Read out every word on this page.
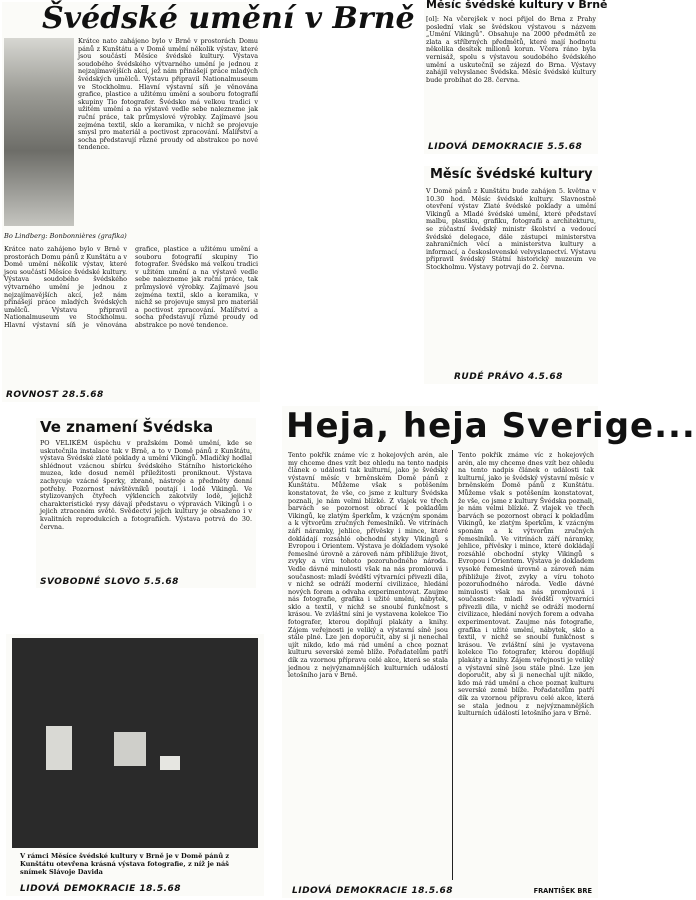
Švédské umění v Brně
Krátce nato zahájeno bylo v Brně v prostorách Domu pánů z Kunštátu a v Domě umění několik výstav, které jsou součástí Měsíce švédské kultury. Výstava soudobého švédského výtvarného umění je jednou z nejzajímavějších akcí, jež nám přinášejí práce mladých švédských umělců. Výstavu připravil Nationalmuseum ve Stockholmu. Hlavní výstavní síň je věnována grafice, plastice a užitému umění a souboru fotografií skupiny Tio fotografer. Švédsko má velkou tradici v užitém umění a na výstavě vedle sebe nalezneme jak ruční práce, tak průmyslové výrobky. Zajímavé jsou zejména textil, sklo a keramika, v nichž se projevuje smysl pro materiál a poctivost zpracování. Malířství a socha představují různé proudy od abstrakce po nové tendence.
Bo Lindberg: Bonbonnières (grafika)
Krátce nato zahájeno bylo v Brně v prostorách Domu pánů z Kunštátu a v Domě umění několik výstav, které jsou součástí Měsíce švédské kultury. Výstava soudobého švédského výtvarného umění je jednou z nejzajímavějších akcí, jež nám přinášejí práce mladých švédských umělců. Výstavu připravil Nationalmuseum ve Stockholmu. Hlavní výstavní síň je věnována grafice, plastice a užitému umění a souboru fotografií skupiny Tio fotografer. Švédsko má velkou tradici v užitém umění a na výstavě vedle sebe nalezneme jak ruční práce, tak průmyslové výrobky. Zajímavé jsou zejména textil, sklo a keramika, v nichž se projevuje smysl pro materiál a poctivost zpracování. Malířství a socha představují různé proudy od abstrakce po nové tendence.
ROVNOST 28.5.68
Ve znamení Švédska
PO VELIKÉM úspěchu v pražském Domě umění, kde se uskutečnila instalace tak v Brně, a to v Domě pánů z Kunštátu, výstava Švédské zlaté poklady a umění Vikingů. Mladičký hodlal shlédnout vzácnou sbírku švédského Státního historického muzea, kde dosud neměl příležitosti proniknout. Výstava zachycuje vzácné šperky, zbraně, nástroje a předměty denní potřeby. Pozornost návštěvníků poutají i lodě Vikingů. Ve stylizovaných čtyřech výklencích zakotvily lodě, jejichž charakteristické rysy dávají představu o výpravách Vikingů i o jejich ztraceném světě. Svědectví jejich kultury je obsaženo i v kvalitních reprodukcích a fotografiích. Výstava potrvá do 30. června.
SVOBODNÉ SLOVO 5.5.68
V rámci Měsíce švédské kultury v Brně je v Domě pánů z Kunštátu otevřena krásná výstava fotografie, z níž je náš snímek Slávoje Davida
LIDOVÁ DEMOKRACIE 18.5.68
Měsíc švédské kultury v Brně
[ol]: Na včerejšek v noci přijel do Brna z Prahy poslední vlak se švédskou výstavou s názvem „Umění Vikingů“. Obsahuje na 2000 předmětů ze zlata a stříbrných předmětů, které mají hodnotu několika desítek milionů korun. Včera ráno byla vernisáž, spolu s výstavou soudobého švédského umění a uskutečnil se zájezd do Brna. Výstavy zahájil velvyslanec Švédska. Měsíc švédské kultury bude probíhat do 28. června.
LIDOVÁ DEMOKRACIE 5.5.68
Měsíc švédské kultury
V Domě pánů z Kunštátu bude zahájen 5. května v 10.30 hod. Měsíc švédské kultury. Slavnostně otevření výstav Zlaté švédské poklady a umění Vikingů a Mladé švédské umění, které představí malbu, plastiku, grafiku, fotografii a architekturu, se zúčastní švédský ministr školství a vedoucí švédské delegace, dále zástupci ministerstva zahraničních věcí a ministerstva kultury a informací, a československé velvyslanectví. Výstavu připravil švédský Státní historický muzeum ve Stockholmu. Výstavy potrvají do 2. června.
RUDÉ PRÁVO 4.5.68
Heja, heja Sverige...
Tento pokřik známe víc z hokejových arén, ale my chceme dnes vzít bez ohledu na tento nadpis článek o události tak kulturní, jako je švédský výstavní měsíc v brněnském Domě pánů z Kunštátu. Můžeme však s potěšením konstatovat, že vše, co jsme z kultury Švédska poznali, je nám velmi blízké. Z vlajek ve třech barvách se pozornost obrací k pokladům Vikingů, ke zlatým šperkům, k vzácným sponám a k výtvorům zručných řemeslníků. Ve vitrínách září náramky, jehlice, přívěsky i mince, které dokládají rozsáhlé obchodní styky Vikingů s Evropou i Orientem. Výstava je dokladem vysoké řemeslné úrovně a zároveň nám přibližuje život, zvyky a víru tohoto pozoruhodného národa. Vedle dávné minulosti však na nás promlouvá i současnost: mladí švédští výtvarníci přivezli díla, v nichž se odráží moderní civilizace, hledání nových forem a odvaha experimentovat. Zaujme nás fotografie, grafika i užité umění, nábytek, sklo a textil, v nichž se snoubí funkčnost s krásou. Ve zvláštní síni je vystavena kolekce Tio fotografer, kterou doplňují plakáty a knihy. Zájem veřejnosti je veliký a výstavní síně jsou stále plné. Lze jen doporučit, aby si ji nenechal ujít nikdo, kdo má rád umění a chce poznat kulturu severské země blíže. Pořadatelům patří dík za vzornou přípravu celé akce, která se stala jednou z nejvýznamnějších kulturních událostí letošního jara v Brně.
Tento pokřik známe víc z hokejových arén, ale my chceme dnes vzít bez ohledu na tento nadpis článek o události tak kulturní, jako je švédský výstavní měsíc v brněnském Domě pánů z Kunštátu. Můžeme však s potěšením konstatovat, že vše, co jsme z kultury Švédska poznali, je nám velmi blízké. Z vlajek ve třech barvách se pozornost obrací k pokladům Vikingů, ke zlatým šperkům, k vzácným sponám a k výtvorům zručných řemeslníků. Ve vitrínách září náramky, jehlice, přívěsky i mince, které dokládají rozsáhlé obchodní styky Vikingů s Evropou i Orientem. Výstava je dokladem vysoké řemeslné úrovně a zároveň nám přibližuje život, zvyky a víru tohoto pozoruhodného národa. Vedle dávné minulosti však na nás promlouvá i současnost: mladí švédští výtvarníci přivezli díla, v nichž se odráží moderní civilizace, hledání nových forem a odvaha experimentovat. Zaujme nás fotografie, grafika i užité umění, nábytek, sklo a textil, v nichž se snoubí funkčnost s krásou. Ve zvláštní síni je vystavena kolekce Tio fotografer, kterou doplňují plakáty a knihy. Zájem veřejnosti je veliký a výstavní síně jsou stále plné. Lze jen doporučit, aby si ji nenechal ujít nikdo, kdo má rád umění a chce poznat kulturu severské země blíže. Pořadatelům patří dík za vzornou přípravu celé akce, která se stala jednou z nejvýznamnějších kulturních událostí letošního jara v Brně.
LIDOVÁ DEMOKRACIE 18.5.68	FRANTIŠEK BRE
